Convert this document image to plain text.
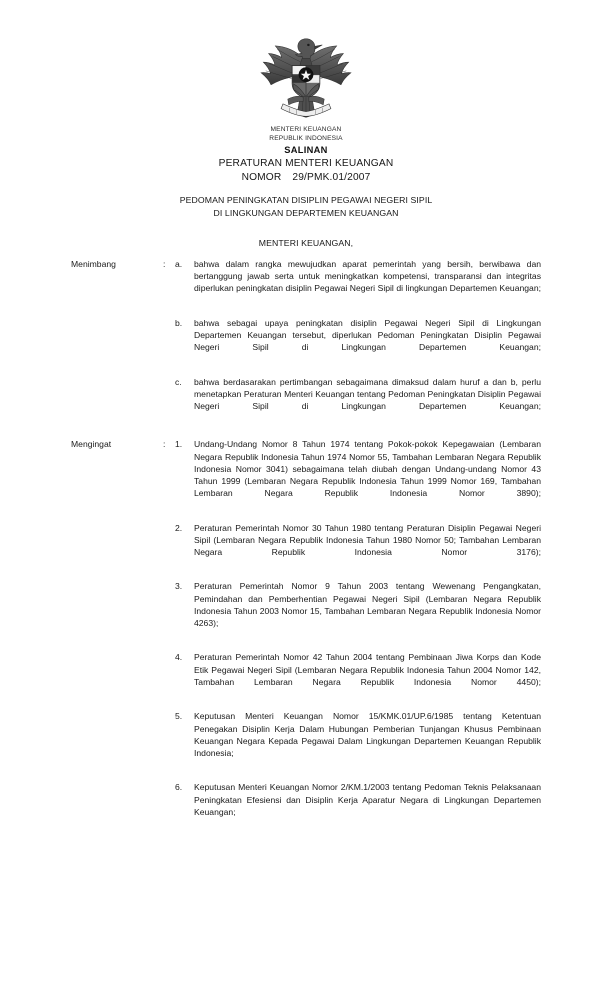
MENTERI KEUANGAN
REPUBLIK INDONESIA
SALINAN
PERATURAN MENTERI KEUANGAN
NOMOR 29/PMK.01/2007
PEDOMAN PENINGKATAN DISIPLIN PEGAWAI NEGERI SIPIL
DI LINGKUNGAN DEPARTEMEN KEUANGAN
MENTERI KEUANGAN,
Menimbang	:	a.	bahwa dalam rangka mewujudkan aparat pemerintah yang bersih, berwibawa dan bertanggung jawab serta untuk meningkatkan kompetensi, transparansi dan integritas diperlukan peningkatan disiplin Pegawai Negeri Sipil di lingkungan Departemen Keuangan;
b.	bahwa sebagai upaya peningkatan disiplin Pegawai Negeri Sipil di Lingkungan Departemen Keuangan tersebut, diperlukan Pedoman Peningkatan Disiplin Pegawai Negeri Sipil di Lingkungan Departemen Keuangan;
c.	bahwa berdasarakan pertimbangan sebagaimana dimaksud dalam huruf a dan b, perlu menetapkan Peraturan Menteri Keuangan tentang Pedoman Peningkatan Disiplin Pegawai Negeri Sipil di Lingkungan Departemen Keuangan;
Mengingat	:	1.	Undang-Undang Nomor 8 Tahun 1974 tentang Pokok-pokok Kepegawaian (Lembaran Negara Republik Indonesia Tahun 1974 Nomor 55, Tambahan Lembaran Negara Republik Indonesia Nomor 3041) sebagaimana telah diubah dengan Undang-undang Nomor 43 Tahun 1999 (Lembaran Negara Republik Indonesia Tahun 1999 Nomor 169, Tambahan Lembaran Negara Republik Indonesia Nomor 3890);
2.	Peraturan Pemerintah Nomor 30 Tahun 1980 tentang Peraturan Disiplin Pegawai Negeri Sipil (Lembaran Negara Republik Indonesia Tahun 1980 Nomor 50; Tambahan Lembaran Negara Republik Indonesia Nomor 3176);
3.	Peraturan Pemerintah Nomor 9 Tahun 2003 tentang Wewenang Pengangkatan, Pemindahan dan Pemberhentian Pegawai Negeri Sipil (Lembaran Negara Republik Indonesia Tahun 2003 Nomor 15, Tambahan Lembaran Negara Republik Indonesia Nomor 4263);
4.	Peraturan Pemerintah Nomor 42 Tahun 2004 tentang Pembinaan Jiwa Korps dan Kode Etik Pegawai Negeri Sipil (Lembaran Negara Republik Indonesia Tahun 2004 Nomor 142, Tambahan Lembaran Negara Republik Indonesia Nomor 4450);
5.	Keputusan Menteri Keuangan Nomor 15/KMK.01/UP.6/1985 tentang Ketentuan Penegakan Disiplin Kerja Dalam Hubungan Pemberian Tunjangan Khusus Pembinaan Keuangan Negara Kepada Pegawai Dalam Lingkungan Departemen Keuangan Republik Indonesia;
6.	Keputusan Menteri Keuangan Nomor 2/KM.1/2003 tentang Pedoman Teknis Pelaksanaan Peningkatan Efesiensi dan Disiplin Kerja Aparatur Negara di Lingkungan Departemen Keuangan;
